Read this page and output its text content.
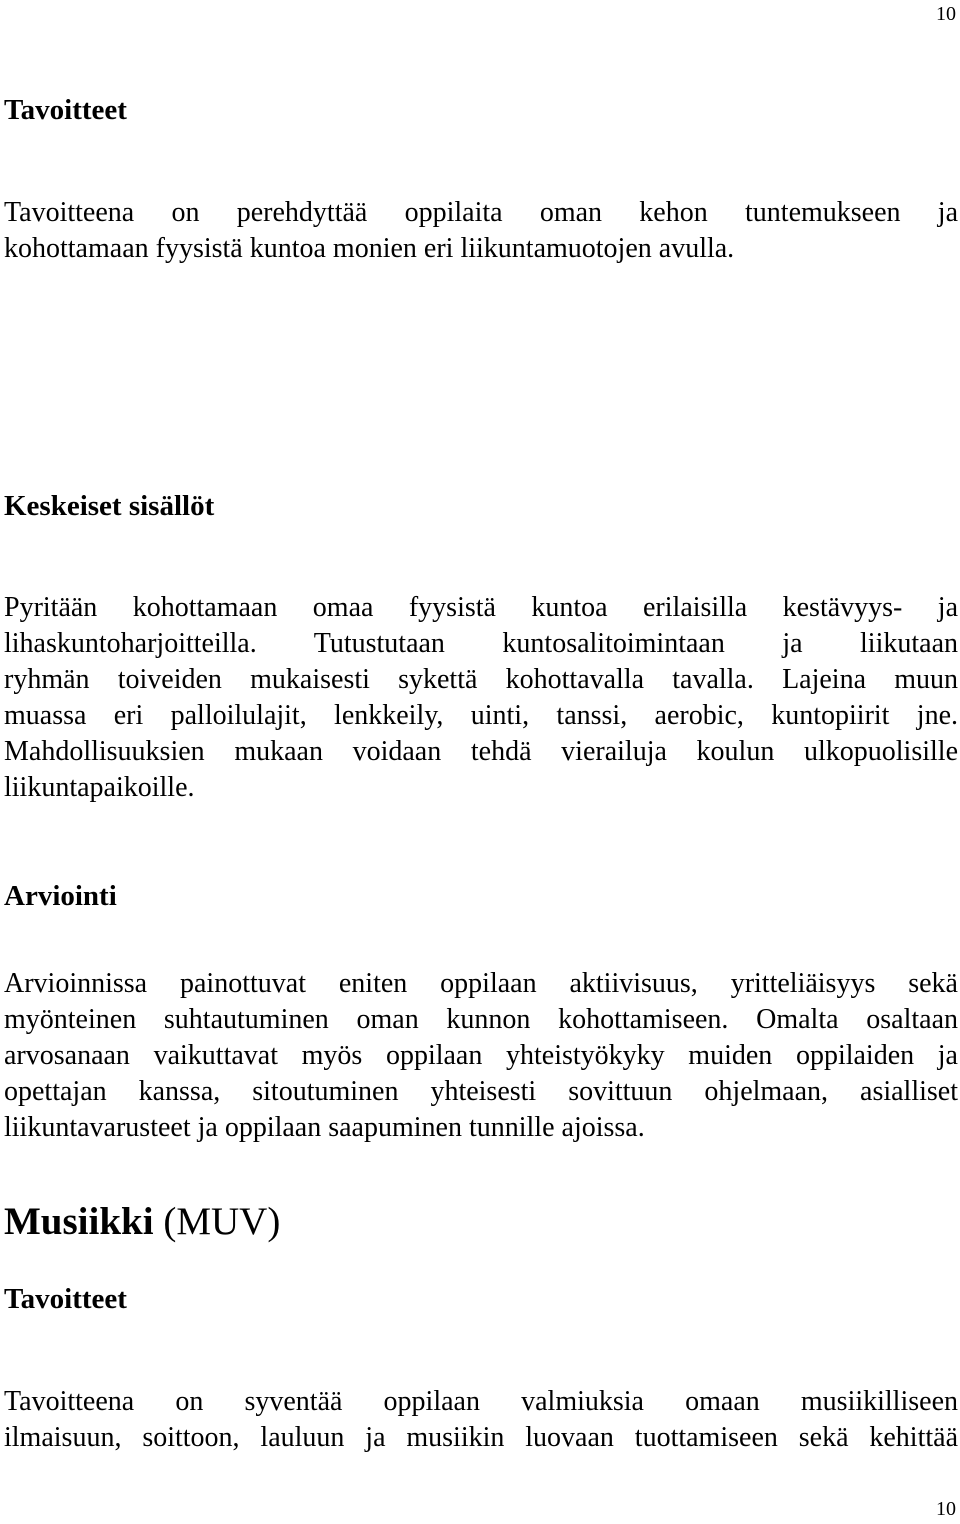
10
Tavoitteet
Tavoitteena on perehdyttää oppilaita oman kehon tuntemukseen ja
kohottamaan fyysistä kuntoa monien eri liikuntamuotojen avulla.
Keskeiset sisällöt
Pyritään kohottamaan omaa fyysistä kuntoa erilaisilla kestävyys- ja
lihaskuntoharjoitteilla. Tutustutaan kuntosalitoimintaan ja liikutaan
ryhmän toiveiden mukaisesti sykettä kohottavalla tavalla. Lajeina muun
muassa eri palloilulajit, lenkkeily, uinti, tanssi, aerobic, kuntopiirit jne.
Mahdollisuuksien mukaan voidaan tehdä vierailuja koulun ulkopuolisille
liikuntapaikoille.
Arviointi
Arvioinnissa painottuvat eniten oppilaan aktiivisuus, yritteliäisyys sekä
myönteinen suhtautuminen oman kunnon kohottamiseen. Omalta osaltaan
arvosanaan vaikuttavat myös oppilaan yhteistyökyky muiden oppilaiden ja
opettajan kanssa, sitoutuminen yhteisesti sovittuun ohjelmaan, asialliset
liikuntavarusteet ja oppilaan saapuminen tunnille ajoissa.
Musiikki (MUV)
Tavoitteet
Tavoitteena on syventää oppilaan valmiuksia omaan musiikilliseen
ilmaisuun, soittoon, lauluun ja musiikin luovaan tuottamiseen sekä kehittää
10
